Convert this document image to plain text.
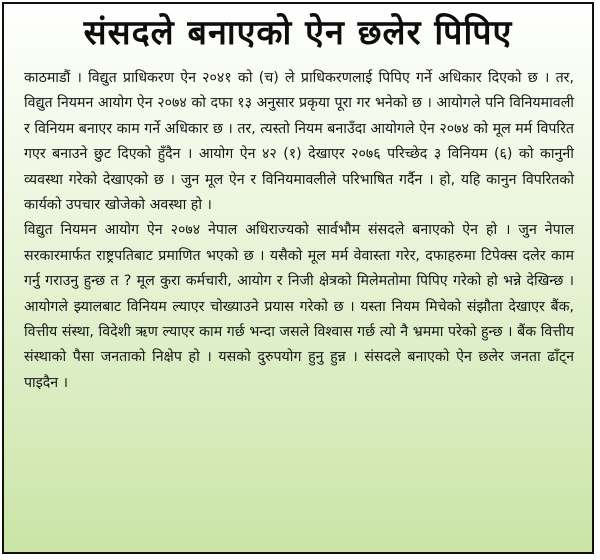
संसदले बनाएको ऐन छलेर पिपिए

काठमाडौं । विद्युत प्राधिकरण ऐन २०४१ को (च) ले प्राधिकरणलाई पिपिए गर्ने अधिकार दिएको छ । तर, विद्युत नियमन आयोग ऐन २०७४ को दफा १३ अनुसार प्रकृया पूरा गर भनेको छ । आयोगले पनि विनियमावली र विनियम बनाएर काम गर्ने अधिकार छ । तर, त्यस्तो नियम बनाउँदा आयोगले ऐन २०७४ को मूल मर्म विपरित गएर बनाउने छुट दिएको हुँदैन । आयोग ऐन ४२ (१) देखाएर २०७६ परिच्छेद ३ विनियम (६) को कानुनी व्यवस्था गरेको देखाएको छ । जुन मूल ऐन र विनियमावलीले परिभाषित गर्दैन । हो, यहि कानुन विपरितको कार्यको उपचार खोजेको अवस्था हो ।

विद्युत नियमन आयोग ऐन २०७४ नेपाल अधिराज्यको सार्वभौम संसदले बनाएको ऐन हो । जुन नेपाल सरकारमार्फत राष्ट्रपतिबाट प्रमाणित भएको छ । यसैको मूल मर्म वेवास्ता गरेर, दफाहरुमा टिपेक्स दलेर काम गर्नु गराउनु हुन्छ त ? मूल कुरा कर्मचारी, आयोग र निजी क्षेत्रको मिलेमतोमा पिपिए गरेको हो भन्ने देखिन्छ । आयोगले झ्यालबाट विनियम ल्याएर चोख्याउने प्रयास गरेको छ । यस्ता नियम मिचेको संझौता देखाएर बैंक, वित्तीय संस्था, विदेशी ऋण ल्याएर काम गर्छ भन्दा जसले विश्वास गर्छ त्यो नै भ्रममा परेको हुन्छ । बैंक वित्तीय संस्थाको पैसा जनताको निक्षेप हो । यसको दुरुपयोग हुनु हुन्न । संसदले बनाएको ऐन छलेर जनता ढाँट्न पाइदैन ।
